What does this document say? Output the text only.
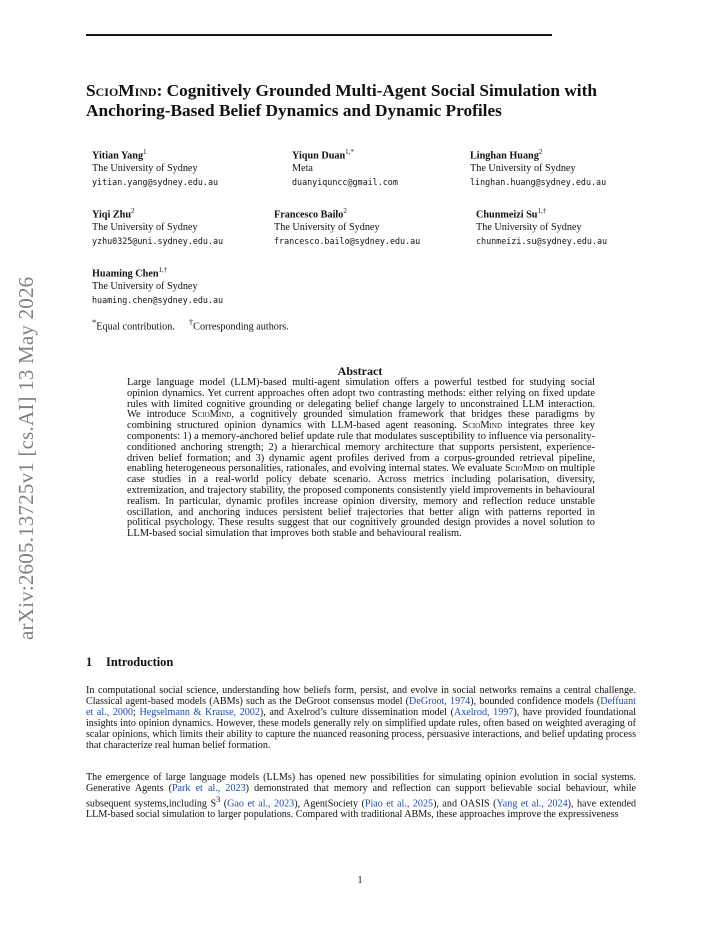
arXiv:2605.13725v1 [cs.AI] 13 May 2026
ScioMind: Cognitively Grounded Multi-Agent Social Simulation with
Anchoring-Based Belief Dynamics and Dynamic Profiles
Yitian Yang$^1$
The University of Sydney
yitian.yang@sydney.edu.au
Yiqun Duan$^{1,*}$
Meta
duanyiquncc@gmail.com
Linghan Huang$^2$
The University of Sydney
linghan.huang@sydney.edu.au
Yiqi Zhu$^2$
The University of Sydney
yzhu0325@uni.sydney.edu.au
Francesco Bailo$^2$
The University of Sydney
francesco.bailo@sydney.edu.au
Chunmeizi $Su^{1,\dagger}$
The University of Sydney
chunmeizi.su@sydney.edu.au
Huaming Chen$^{1,\dagger}$
The University of Sydney
huaming.chen@sydney.edu.au
*Equal contribution. †Corresponding authors.
Abstract

Large language model (LLM)-based multi-agent simulation offers a powerful testbed for studying social opinion dynamics. Yet current approaches often adopt two contrasting methods: either relying on fixed update rules with limited cognitive grounding or delegating belief change largely to unconstrained LLM interaction. We introduce ScioMind, a cognitively grounded simulation framework that bridges these paradigms by combining structured opinion dynamics with LLM-based agent reasoning. ScioMind integrates three key components: 1) a memory-anchored belief update rule that modulates susceptibility to influence via personality-conditioned anchoring strength; 2) a hierarchical memory architecture that supports persistent, experience-driven belief formation; and 3) dynamic agent profiles derived from a corpus-grounded retrieval pipeline, enabling heterogeneous personalities, rationales, and evolving internal states. We evaluate ScioMind on multiple case studies in a real-world policy debate scenario. Across metrics including polarisation, diversity, extremization, and trajectory stability, the proposed components consistently yield improvements in behavioural realism. In particular, dynamic profiles increase opinion diversity, memory and reflection reduce unstable oscillation, and anchoring induces persistent belief trajectories that better align with patterns reported in political psychology. These results suggest that our cognitively grounded design provides a novel solution to LLM-based social simulation that improves both stable and behavioural realism.

1 Introduction

In computational social science, understanding how beliefs form, persist, and evolve in social networks remains a central challenge. Classical agent-based models (ABMs) such as the DeGroot consensus model (DeGroot, 1974), bounded confidence models (Deffuant et al., 2000; Hegselmann & Krause, 2002), and Axelrod’s culture dissemination model (Axelrod, 1997), have provided foundational insights into opinion dynamics. However, these models generally rely on simplified update rules, often based on weighted averaging of scalar opinions, which limits their ability to capture the nuanced reasoning process, persuasive interactions, and belief updating process that characterize real human belief formation.

The emergence of large language models (LLMs) has opened new possibilities for simulating opinion evolution in social systems. Generative Agents (Park et al., 2023) demonstrated that memory and reflection can support believable social behaviour, while subsequent systems,including $S^3$ (Gao et al., 2023), AgentSociety (Piao et al., 2025), and OASIS (Yang et al., 2024), have extended LLM-based social simulation to larger populations. Compared with traditional ABMs, these approaches improve the expressiveness

1
